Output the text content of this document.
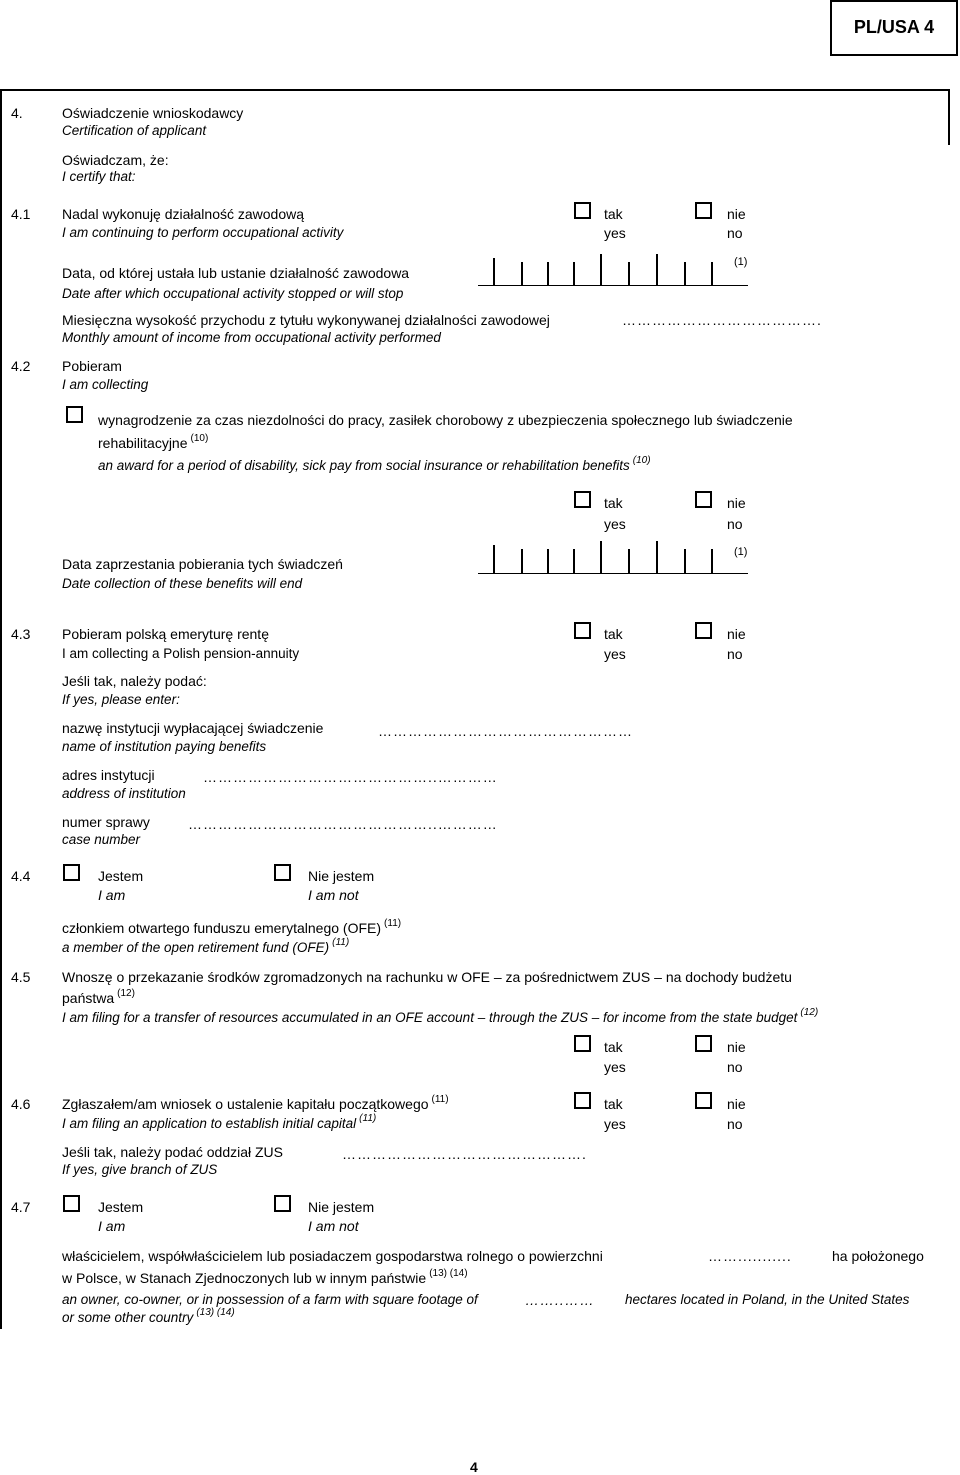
PL/USA 4
4.	Oświadczenie wnioskodawcy
Certification of applicant
Oświadczam, że:
I certify that:
4.1 Nadal wykonuję działalność zawodową
I am continuing to perform occupational activity
tak
yes
nie
no
Data, od której ustała lub ustanie działalność zawodowa
Date after which occupational activity stopped or will stop
(1)
Miesięczna wysokość przychodu z tytułu wykonywanej działalności zawodowej
Monthly amount of income from occupational activity performed
………………………………….
4.2 Pobieram
I am collecting
wynagrodzenie za czas niezdolności do pracy, zasiłek chorobowy z ubezpieczenia społecznego lub świadczenie
rehabilitacyjne $^{(10)}$
an award for a period of disability, sick pay from social insurance or rehabilitation benefits $^{(10)}$
tak
yes
nie
no
Data zaprzestania pobierania tych świadczeń
Date collection of these benefits will end
(1)
4.3 Pobieram polską emeryturę rentę
I am collecting a Polish pension-annuity
tak
yes
nie
no
Jeśli tak, należy podać:
If yes, please enter:
nazwę instytucji wypłacającej świadczenie
name of institution paying benefits
……………………………………………
adres instytucji
address of institution
………………………………………..…………
numer sprawy
case number
…………………………………………..…………
4.4	Jestem
I am
Nie jestem
I am not
członkiem otwartego funduszu emerytalnego (OFE) $^{(11)}$
a member of the open retirement fund (OFE) $^{(11)}$
4.5 Wnoszę o przekazanie środków zgromadzonych na rachunku w OFE – za pośrednictwem ZUS – na dochody budżetu
państwa $^{(12)}$
I am filing for a transfer of resources accumulated in an OFE account – through the ZUS – for income from the state budget $^{(12)}$
tak
yes
nie
no
4.6 Zgłaszałem/am wniosek o ustalenie kapitału początkowego $^{(11)}$
I am filing an application to establish initial capital $^{(11)}$
tak
yes
nie
no
Jeśli tak, należy podać oddział ZUS
If yes, give branch of ZUS
………………………………………….
4.7	Jestem
I am
Nie jestem
I am not
właścicielem, współwłaścicielem lub posiadaczem gospodarstwa rolnego o powierzchni	……...........	ha położonego
w Polsce, w Stanach Zjednoczonych lub w innym państwie $^{(13) (14)}$
an owner, co-owner, or in possession of a farm with square footage of	……..…… hectares located in Poland, in the United States
or some other country $^{(13) (14)}$
4
